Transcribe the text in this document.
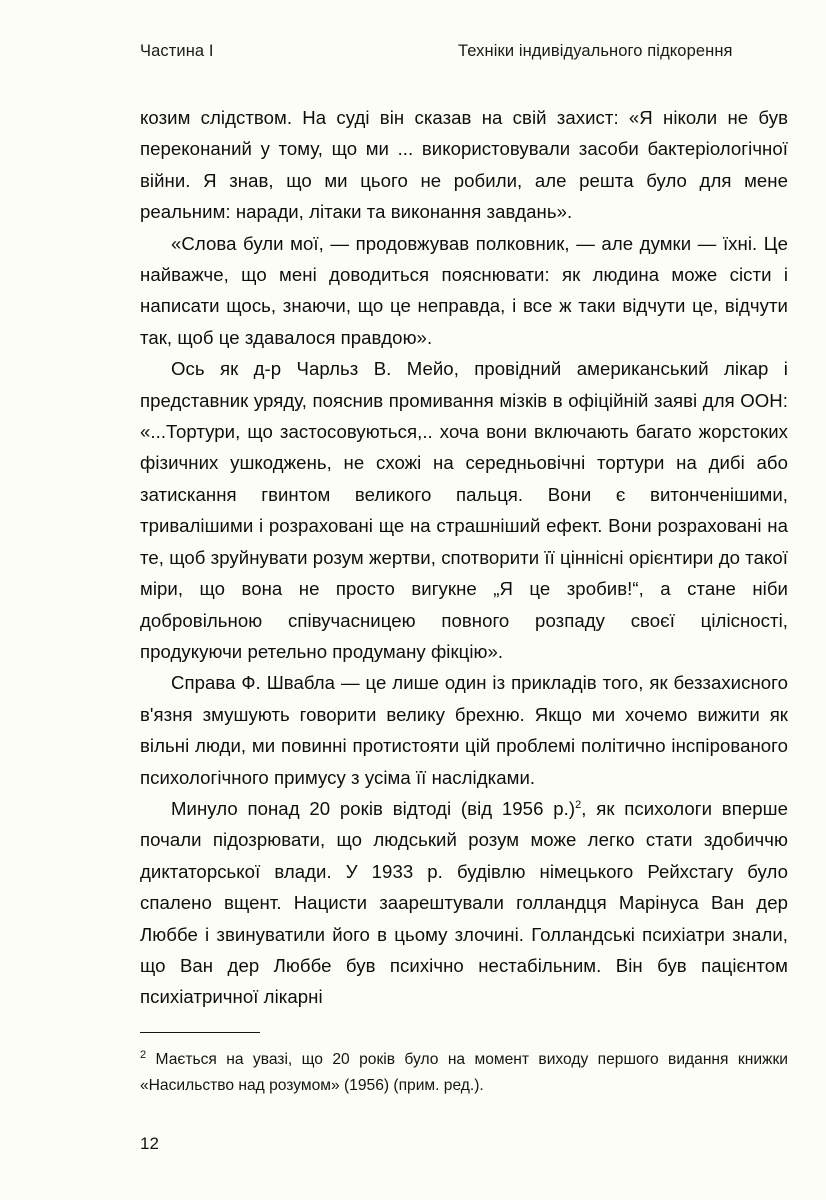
Частина I	Техніки індивідуального підкорення

козим слідством. На суді він сказав на свій захист: «Я ніколи не був переконаний у тому, що ми ... використовували засоби бактеріологічної війни. Я знав, що ми цього не робили, але решта було для мене реальним: наради, літаки та виконання завдань».

«Слова були мої, — продовжував полковник, — але думки — їхні. Це найважче, що мені доводиться пояснювати: як людина може сісти і написати щось, знаючи, що це неправда, і все ж таки відчути це, відчути так, щоб це здавалося правдою».

Ось як д-р Чарльз В. Мейо, провідний американський лікар і представник уряду, пояснив промивання мізків в офіційній заяві для ООН: «...Тортури, що застосовуються,.. хоча вони включають багато жорстоких фізичних ушкоджень, не схожі на середньовічні тортури на дибі або затискання гвинтом великого пальця. Вони є витонченішими, тривалішими і розраховані ще на страшніший ефект. Вони розраховані на те, щоб зруйнувати розум жертви, спотворити її ціннісні орієнтири до такої міри, що вона не просто вигукне „Я це зробив!“, а стане ніби добровільною співучасницею повного розпаду своєї цілісності, продукуючи ретельно продуману фікцію».

Справа Ф. Швабла — це лише один із прикладів того, як беззахисного в'язня змушують говорити велику брехню. Якщо ми хочемо вижити як вільні люди, ми повинні протистояти цій проблемі політично інспірованого психологічного примусу з усіма її наслідками.

Минуло понад 20 років відтоді (від 1956 р.)$^2$, як психологи вперше почали підозрювати, що людський розум може легко стати здобиччю диктаторської влади. У 1933 р. будівлю німецького Рейхстагу було спалено вщент. Нацисти заарештували голландця Марінуса Ван дер Люббе і звинуватили його в цьому злочині. Голландські психіатри знали, що Ван дер Люббе був психічно нестабільним. Він був пацієнтом психіатричної лікарні

$^2$ Мається на увазі, що 20 років було на момент виходу першого видання книжки «Насильство над розумом» (1956) (прим. ред.).

12
